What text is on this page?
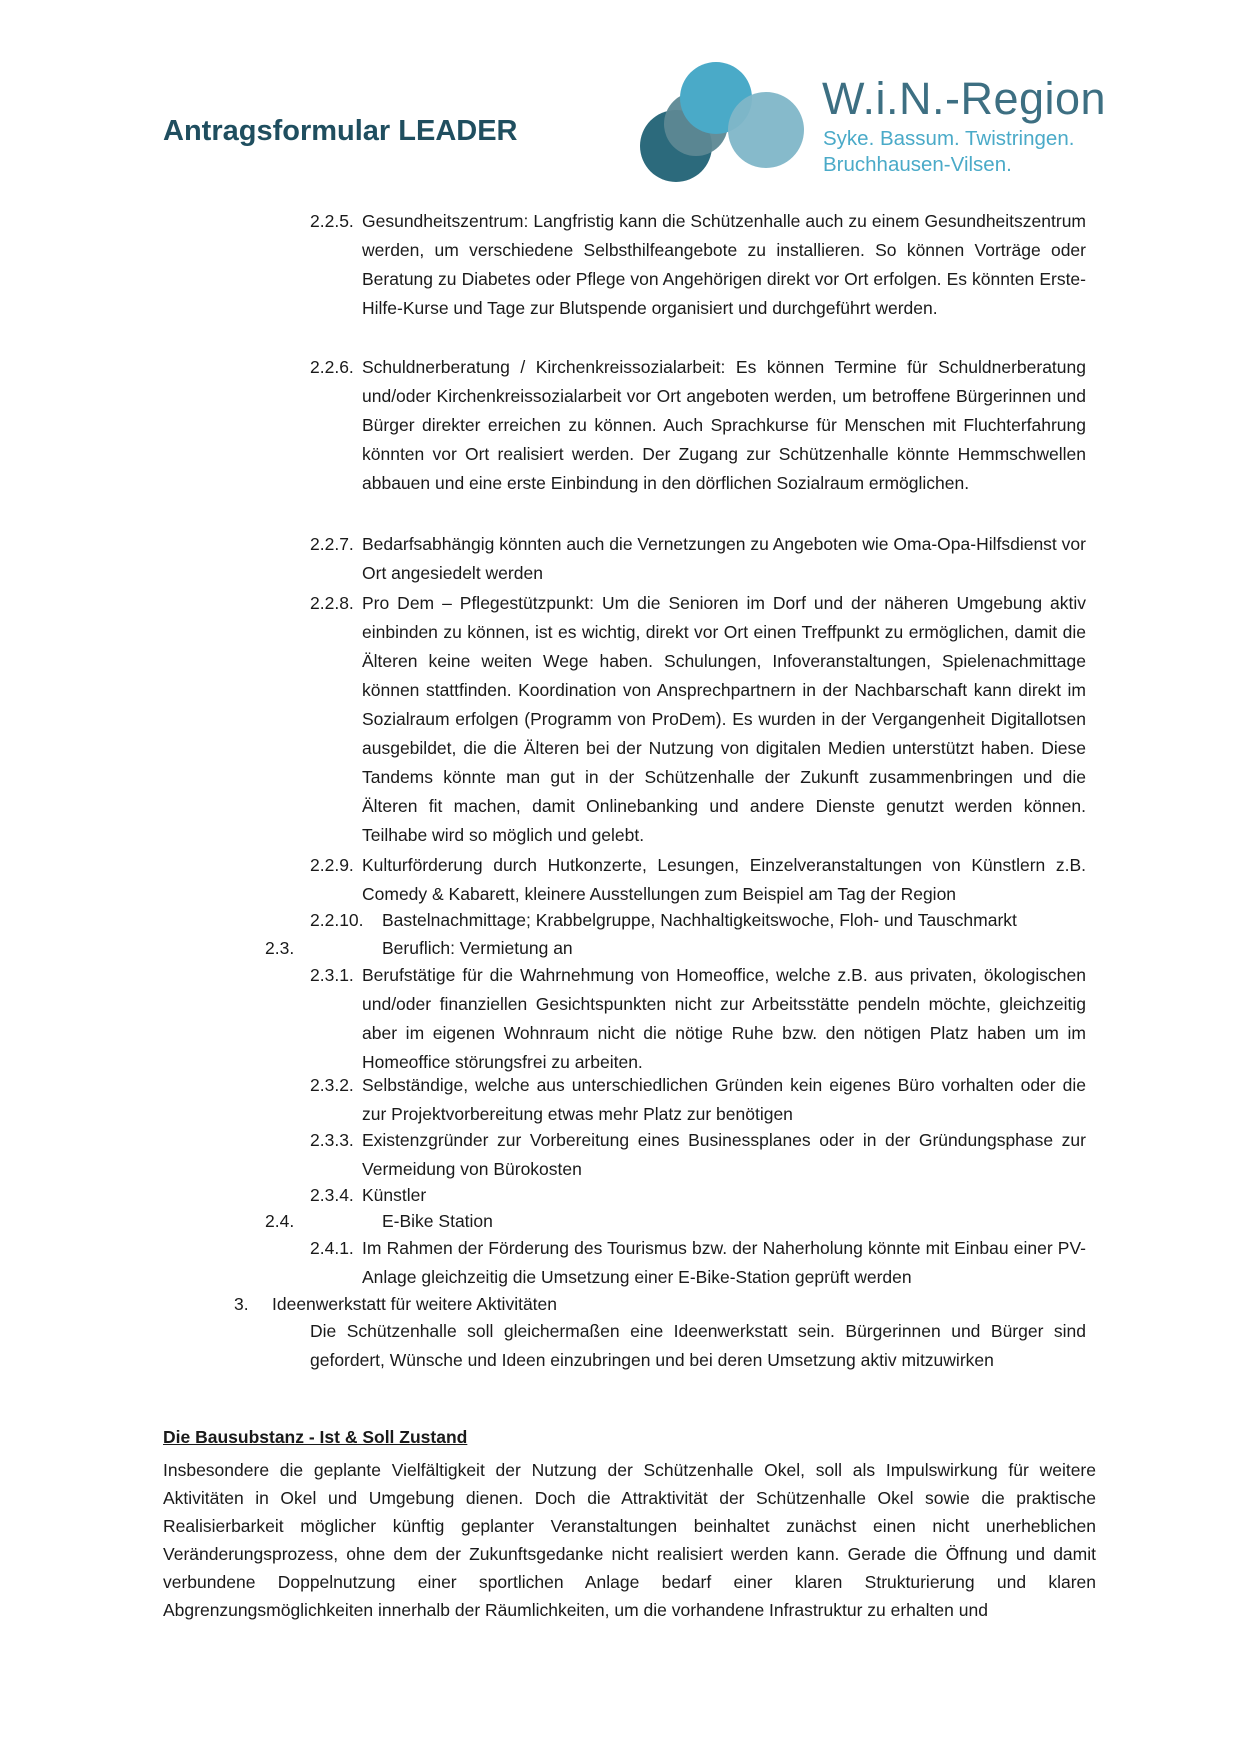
Antragsformular LEADER
W.i.N.-Region
Syke. Bassum. Twistringen.
Bruchhausen-Vilsen.
2.2.5. Gesundheitszentrum: Langfristig kann die Schützenhalle auch zu einem Gesundheitszentrum werden, um verschiedene Selbsthilfeangebote zu installieren. So können Vorträge oder Beratung zu Diabetes oder Pflege von Angehörigen direkt vor Ort erfolgen. Es könnten Erste-Hilfe-Kurse und Tage zur Blutspende organisiert und durchgeführt werden.
2.2.6. Schuldnerberatung / Kirchenkreissozialarbeit: Es können Termine für Schuldnerberatung und/oder Kirchenkreissozialarbeit vor Ort angeboten werden, um betroffene Bürgerinnen und Bürger direkter erreichen zu können. Auch Sprachkurse für Menschen mit Fluchterfahrung könnten vor Ort realisiert werden. Der Zugang zur Schützenhalle könnte Hemmschwellen abbauen und eine erste Einbindung in den dörflichen Sozialraum ermöglichen.
2.2.7. Bedarfsabhängig könnten auch die Vernetzungen zu Angeboten wie Oma-Opa-Hilfsdienst vor Ort angesiedelt werden
2.2.8. Pro Dem – Pflegestützpunkt: Um die Senioren im Dorf und der näheren Umgebung aktiv einbinden zu können, ist es wichtig, direkt vor Ort einen Treffpunkt zu ermöglichen, damit die Älteren keine weiten Wege haben. Schulungen, Infoveranstaltungen, Spielenachmittage können stattfinden. Koordination von Ansprechpartnern in der Nachbarschaft kann direkt im Sozialraum erfolgen (Programm von ProDem). Es wurden in der Vergangenheit Digitallotsen ausgebildet, die die Älteren bei der Nutzung von digitalen Medien unterstützt haben. Diese Tandems könnte man gut in der Schützenhalle der Zukunft zusammenbringen und die Älteren fit machen, damit Onlinebanking und andere Dienste genutzt werden können. Teilhabe wird so möglich und gelebt.
2.2.9. Kulturförderung durch Hutkonzerte, Lesungen, Einzelveranstaltungen von Künstlern z.B. Comedy & Kabarett, kleinere Ausstellungen zum Beispiel am Tag der Region
2.2.10. Bastelnachmittage; Krabbelgruppe, Nachhaltigkeitswoche, Floh- und Tauschmarkt
2.3.	Beruflich: Vermietung an
2.3.1. Berufstätige für die Wahrnehmung von Homeoffice, welche z.B. aus privaten, ökologischen und/oder finanziellen Gesichtspunkten nicht zur Arbeitsstätte pendeln möchte, gleichzeitig aber im eigenen Wohnraum nicht die nötige Ruhe bzw. den nötigen Platz haben um im Homeoffice störungsfrei zu arbeiten.
2.3.2. Selbständige, welche aus unterschiedlichen Gründen kein eigenes Büro vorhalten oder die zur Projektvorbereitung etwas mehr Platz zur benötigen
2.3.3. Existenzgründer zur Vorbereitung eines Businessplanes oder in der Gründungsphase zur Vermeidung von Bürokosten
2.3.4. Künstler
2.4.	E-Bike Station
2.4.1. Im Rahmen der Förderung des Tourismus bzw. der Naherholung könnte mit Einbau einer PV-Anlage gleichzeitig die Umsetzung einer E-Bike-Station geprüft werden
3. Ideenwerkstatt für weitere Aktivitäten
Die Schützenhalle soll gleichermaßen eine Ideenwerkstatt sein. Bürgerinnen und Bürger sind gefordert, Wünsche und Ideen einzubringen und bei deren Umsetzung aktiv mitzuwirken
Die Bausubstanz - Ist & Soll Zustand
Insbesondere die geplante Vielfältigkeit der Nutzung der Schützenhalle Okel, soll als Impulswirkung für weitere Aktivitäten in Okel und Umgebung dienen. Doch die Attraktivität der Schützenhalle Okel sowie die praktische Realisierbarkeit möglicher künftig geplanter Veranstaltungen beinhaltet zunächst einen nicht unerheblichen Veränderungsprozess, ohne dem der Zukunftsgedanke nicht realisiert werden kann. Gerade die Öffnung und damit verbundene Doppelnutzung einer sportlichen Anlage bedarf einer klaren Strukturierung und klaren Abgrenzungsmöglichkeiten innerhalb der Räumlichkeiten, um die vorhandene Infrastruktur zu erhalten und
